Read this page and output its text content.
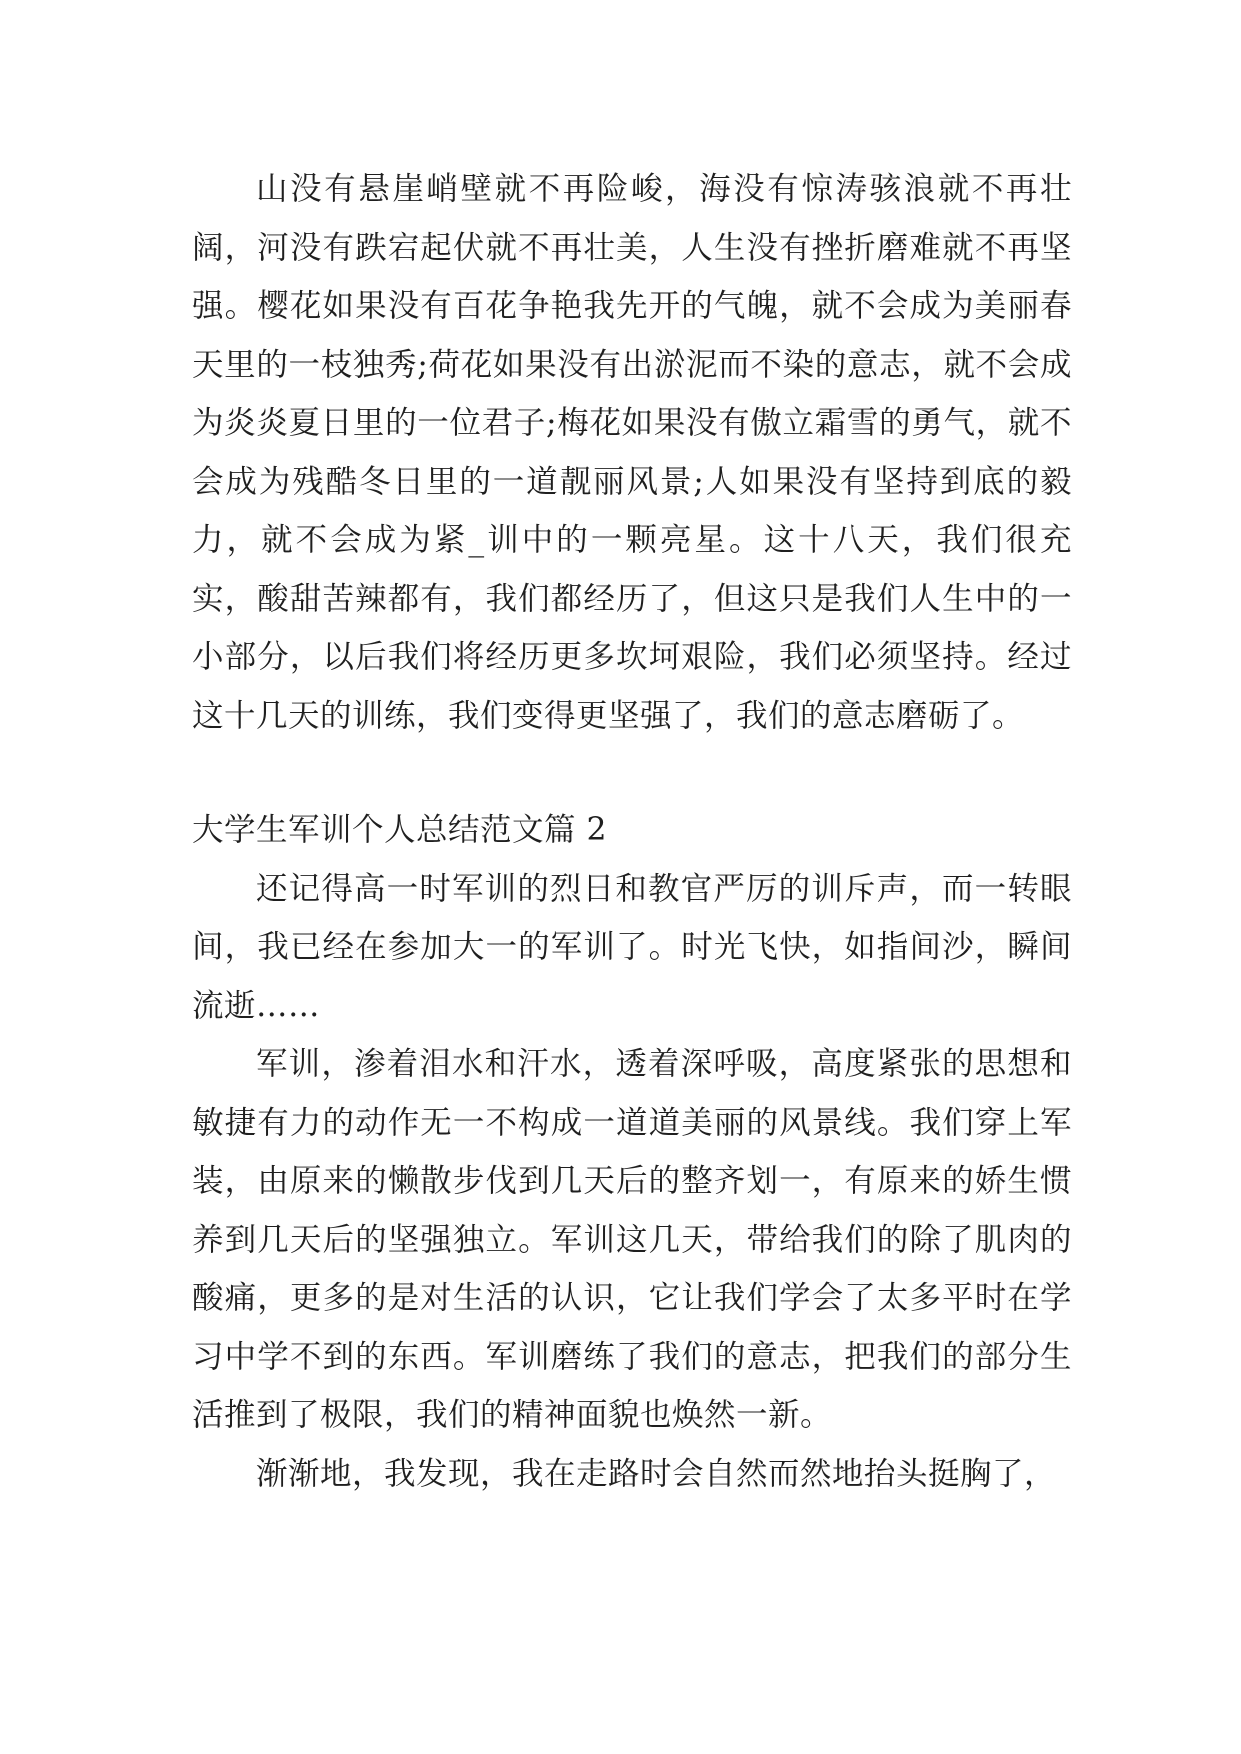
山没有悬崖峭壁就不再险峻，海没有惊涛骇浪就不再壮阔，河没有跌宕起伏就不再壮美，人生没有挫折磨难就不再坚强。樱花如果没有百花争艳我先开的气魄，就不会成为美丽春天里的一枝独秀;荷花如果没有出淤泥而不染的意志，就不会成为炎炎夏日里的一位君子;梅花如果没有傲立霜雪的勇气，就不会成为残酷冬日里的一道靓丽风景;人如果没有坚持到底的毅力，就不会成为紧_训中的一颗亮星。这十八天，我们很充实，酸甜苦辣都有，我们都经历了，但这只是我们人生中的一小部分，以后我们将经历更多坎坷艰险，我们必须坚持。经过这十几天的训练，我们变得更坚强了，我们的意志磨砺了。

大学生军训个人总结范文篇 2

还记得高一时军训的烈日和教官严厉的训斥声，而一转眼间，我已经在参加大一的军训了。时光飞快，如指间沙，瞬间流逝……

军训，渗着泪水和汗水，透着深呼吸，高度紧张的思想和敏捷有力的动作无一不构成一道道美丽的风景线。我们穿上军装，由原来的懒散步伐到几天后的整齐划一，有原来的娇生惯养到几天后的坚强独立。军训这几天，带给我们的除了肌肉的酸痛，更多的是对生活的认识，它让我们学会了太多平时在学习中学不到的东西。军训磨练了我们的意志，把我们的部分生活推到了极限，我们的精神面貌也焕然一新。

渐渐地，我发现，我在走路时会自然而然地抬头挺胸了，
